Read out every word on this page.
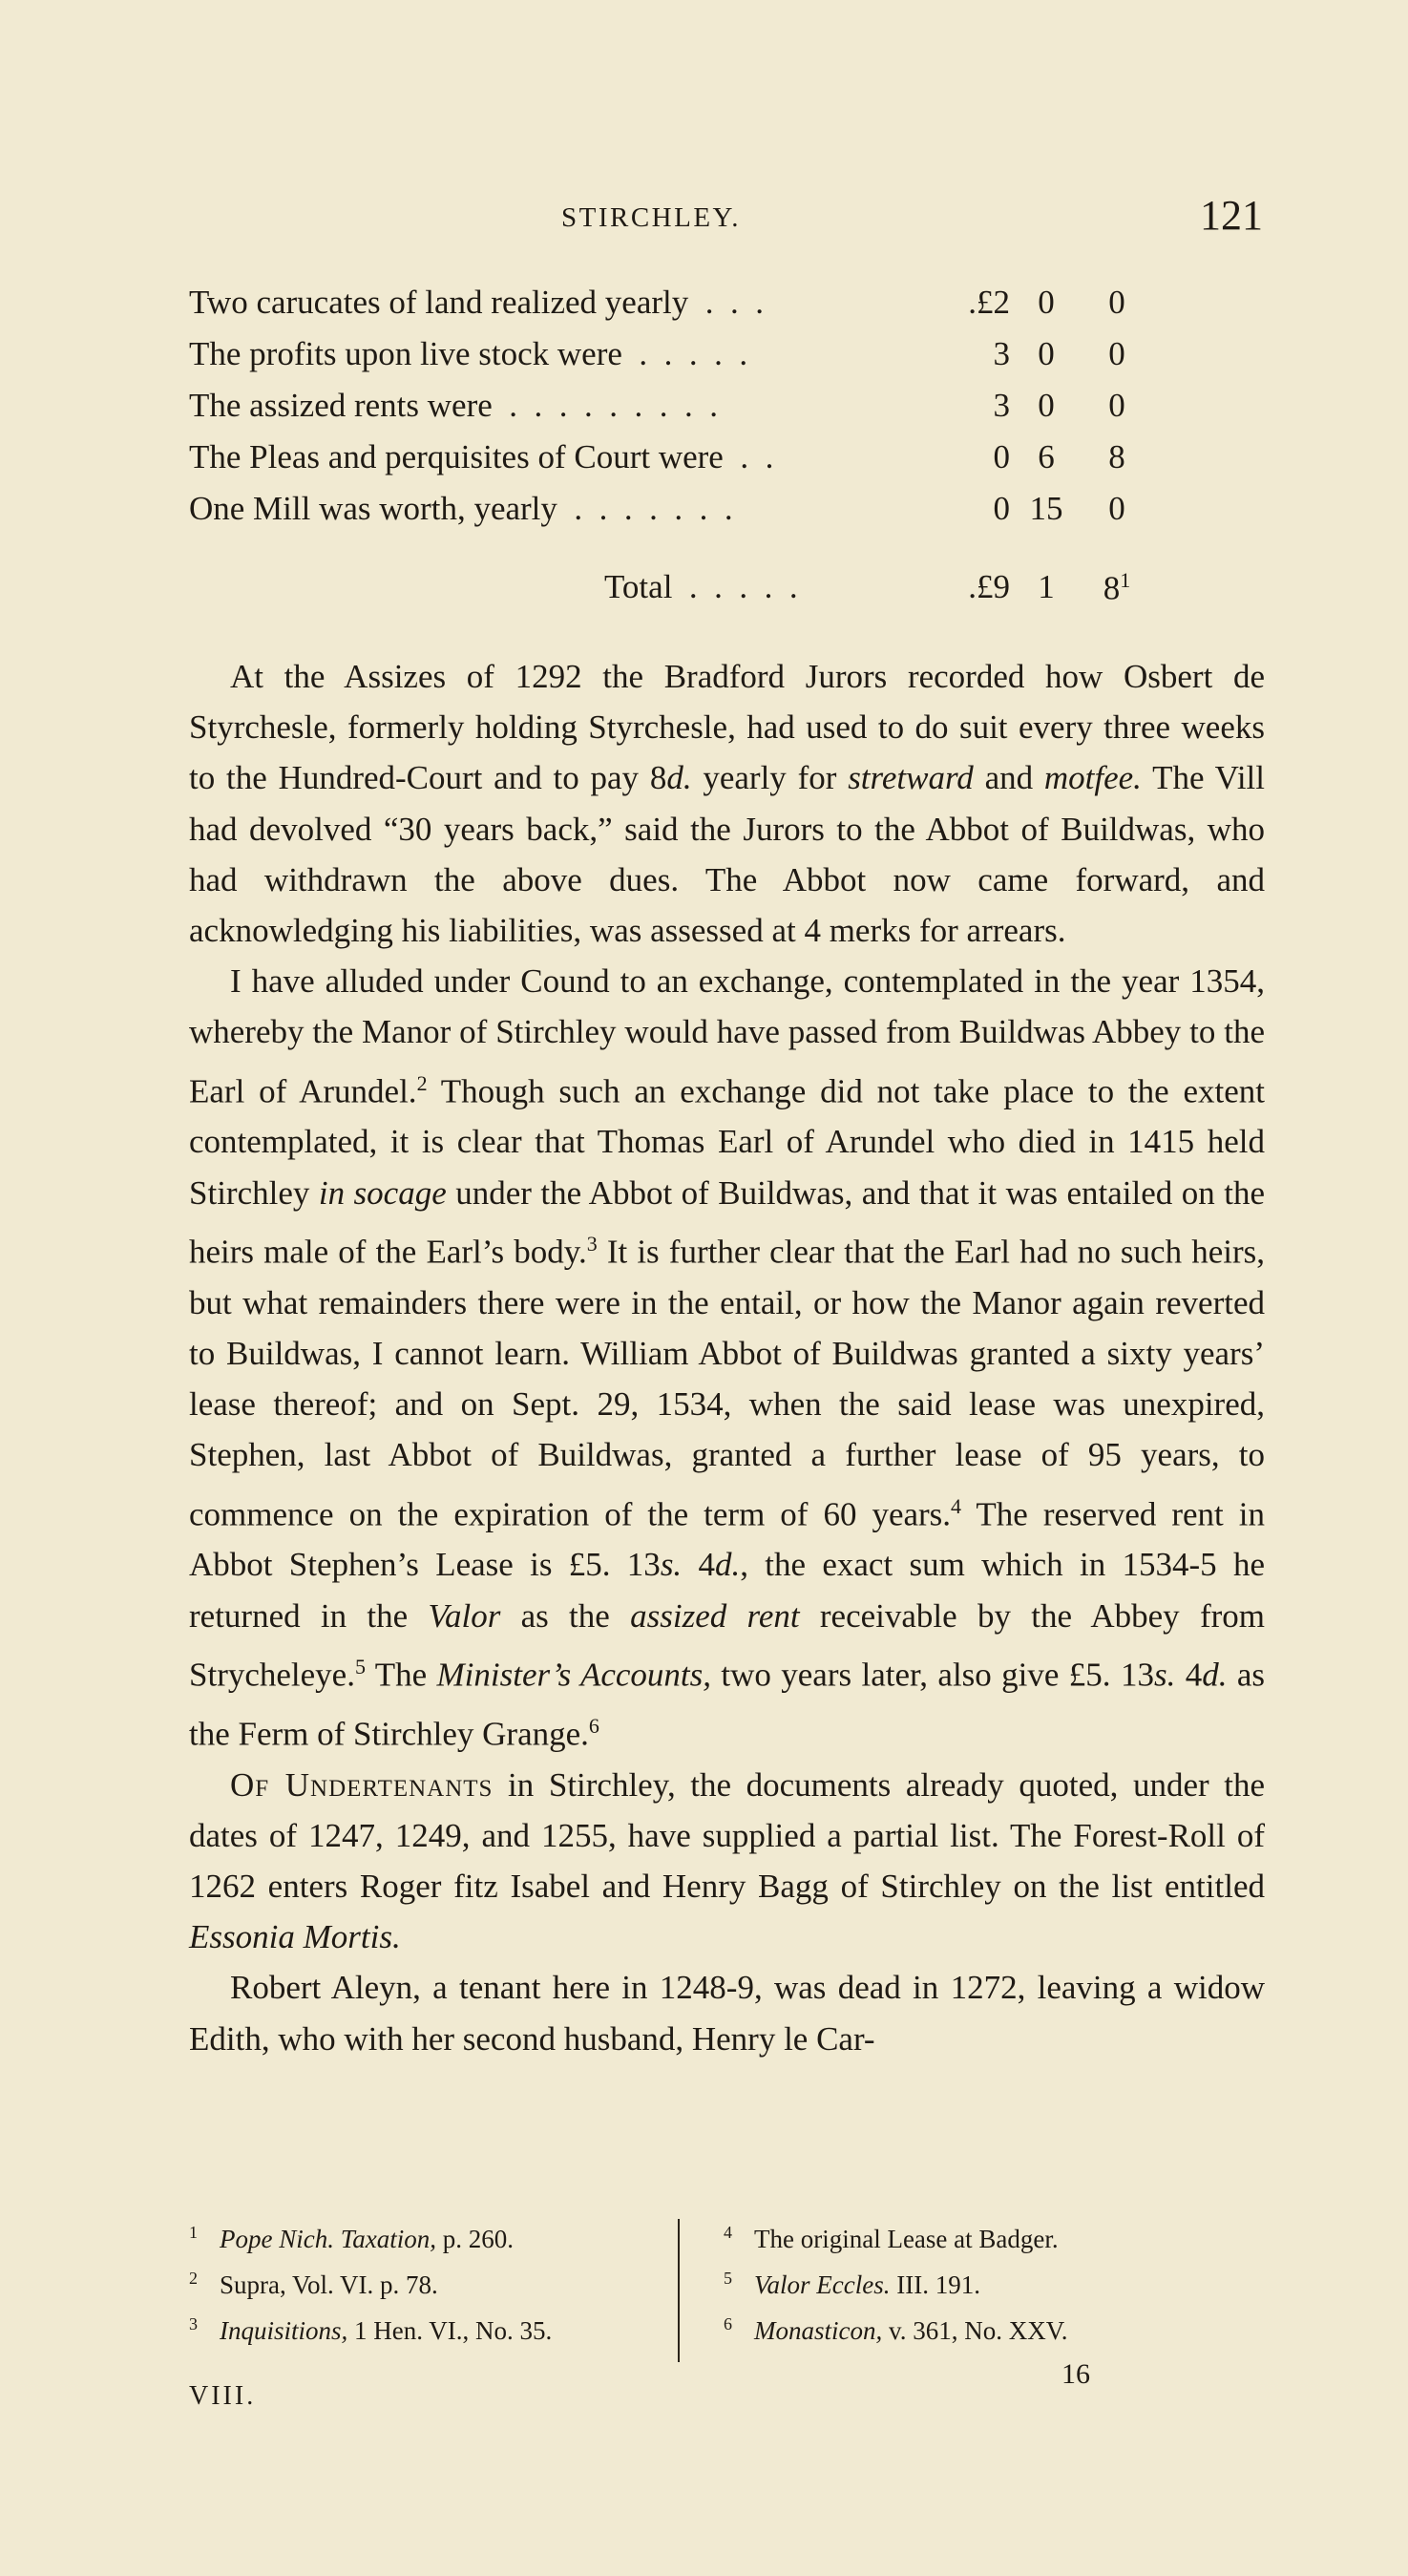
STIRCHLEY.	121
Two carucates of land realized yearly  .  .  .	.£2 0	0
The profits upon live stock were  .  .  .  .  .	3 0	0
The assized rents were  .  .  .  .  .  .  .  .  .	3 0	0
The Pleas and perquisites of Court were  .  .	0 6	8
One Mill was worth, yearly  .  .  .  .  .  .  .	0 15	0
Total  .  .  .  .  .	.£9 1	$8^1$

At the Assizes of 1292 the Bradford Jurors recorded how Osbert de Styrchesle, formerly holding Styrchesle, had used to do suit every three weeks to the Hundred-Court and to pay 8d. yearly for stretward and motfee. The Vill had devolved “30 years back,” said the Jurors to the Abbot of Buildwas, who had withdrawn the above dues. The Abbot now came forward, and acknowledging his liabilities, was assessed at 4 merks for arrears.

I have alluded under Cound to an exchange, contemplated in the year 1354, whereby the Manor of Stirchley would have passed from Buildwas Abbey to the Earl of Arundel.$^2$ Though such an exchange did not take place to the extent contemplated, it is clear that Thomas Earl of Arundel who died in 1415 held Stirchley in socage under the Abbot of Buildwas, and that it was entailed on the heirs male of the Earl’s body.$^3$ It is further clear that the Earl had no such heirs, but what remainders there were in the entail, or how the Manor again reverted to Buildwas, I cannot learn. William Abbot of Buildwas granted a sixty years’ lease thereof; and on Sept. 29, 1534, when the said lease was unexpired, Stephen, last Abbot of Buildwas, granted a further lease of 95 years, to commence on the expiration of the term of 60 years.$^4$ The reserved rent in Abbot Stephen’s Lease is £5. 13s. 4d., the exact sum which in 1534-5 he returned in the Valor as the assized rent receivable by the Abbey from Strycheleye.$^5$ The Minister’s Accounts, two years later, also give £5. 13s. 4d. as the Ferm of Stirchley Grange.$^6$

Of Undertenants in Stirchley, the documents already quoted, under the dates of 1247, 1249, and 1255, have supplied a partial list. The Forest-Roll of 1262 enters Roger fitz Isabel and Henry Bagg of Stirchley on the list entitled Essonia Mortis.

Robert Aleyn, a tenant here in 1248-9, was dead in 1272, leaving a widow Edith, who with her second husband, Henry le Car-

1 Pope Nich. Taxation, p. 260.
2 Supra, Vol. VI. p. 78.
3 Inquisitions, 1 Hen. VI., No. 35.
4 The original Lease at Badger.
5 Valor Eccles. III. 191.
6 Monasticon, v. 361, No. XXV.
VIII.
16
